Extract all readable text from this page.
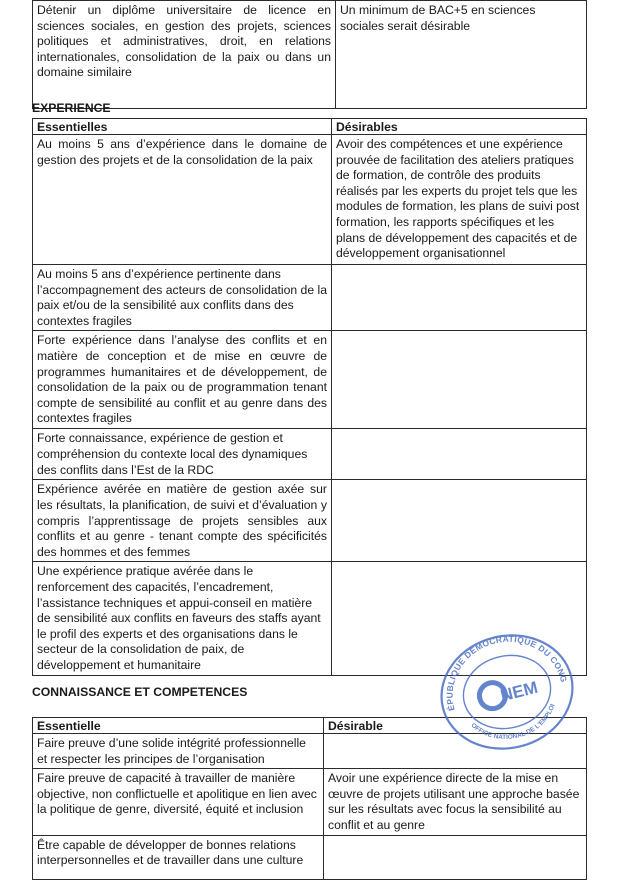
Détenir un diplôme universitaire de licence en sciences sociales, en gestion des projets, sciences politiques et administratives, droit, en relations internationales, consolidation de la paix ou dans un domaine similaire	Un minimum de BAC+5 en sciences sociales serait désirable
EXPERIENCE
Essentielles	Désirables
Au moins 5 ans d’expérience dans le domaine de gestion des projets et de la consolidation de la paix	Avoir des compétences et une expérience prouvée de facilitation des ateliers pratiques de formation, de contrôle des produits réalisés par les experts du projet tels que les modules de formation, les plans de suivi post formation, les rapports spécifiques et les plans de développement des capacités et de développement organisationnel
Au moins 5 ans d’expérience pertinente dans l’accompagnement des acteurs de consolidation de la paix et/ou de la sensibilité aux conflits dans des contextes fragiles	
Forte expérience dans l’analyse des conflits et en matière de conception et de mise en œuvre de programmes humanitaires et de développement, de consolidation de la paix ou de programmation tenant compte de sensibilité au conflit et au genre dans des contextes fragiles	
Forte connaissance, expérience de gestion et compréhension du contexte local des dynamiques des conflits dans l’Est de la RDC	
Expérience avérée en matière de gestion axée sur les résultats, la planification, de suivi et d’évaluation y compris l’apprentissage de projets sensibles aux conflits et au genre - tenant compte des spécificités des hommes et des femmes	
Une expérience pratique avérée dans le renforcement des capacités, l’encadrement, l’assistance techniques et appui-conseil en matière de sensibilité aux conflits en faveurs des staffs ayant le profil des experts et des organisations dans le secteur de la consolidation de paix, de développement et humanitaire	
CONNAISSANCE ET COMPETENCES
Essentielle	Désirable
Faire preuve d’une solide intégrité professionnelle et respecter les principes de l’organisation	
Faire preuve de capacité à travailler de manière objective, non conflictuelle et apolitique en lien avec la politique de genre, diversité, équité et inclusion	Avoir une expérience directe de la mise en œuvre de projets utilisant une approche basée sur les résultats avec focus la sensibilité au conflit et au genre
Être capable de développer de bonnes relations interpersonnelles et de travailler dans une culture	
RÉPUBLIQUE DÉMOCRATIQUE DU CONGO
OFFICE NATIONAL DE L’EMPLOI
NEM
